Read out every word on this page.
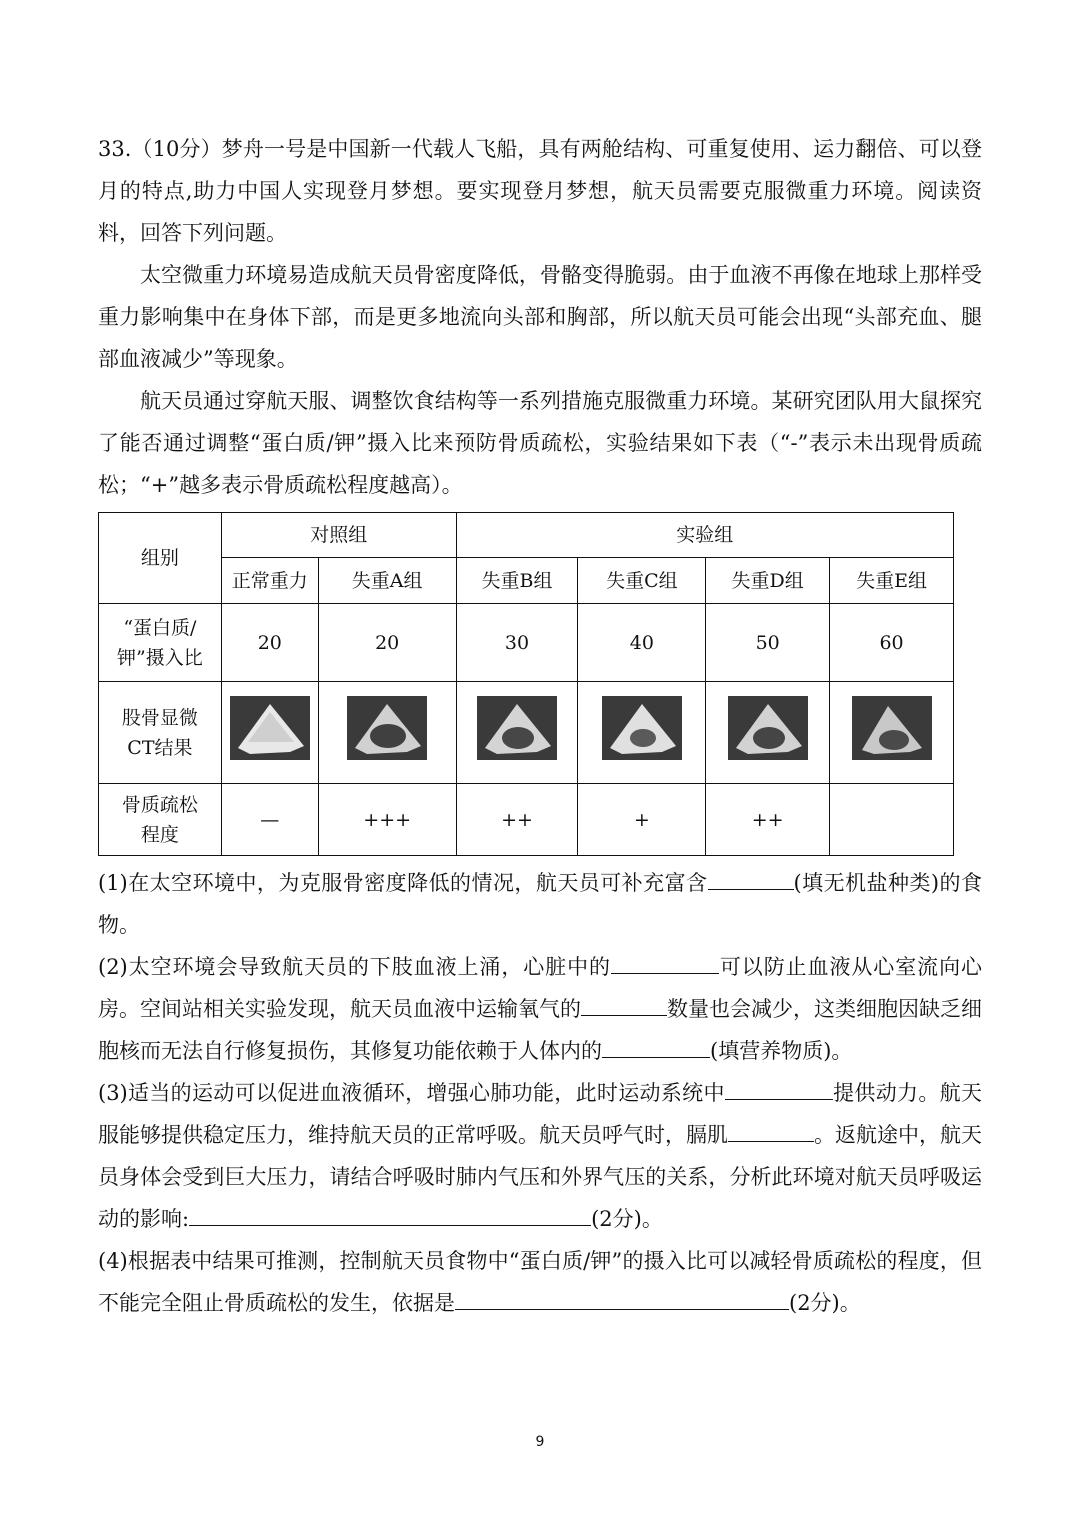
33.（10分）梦舟一号是中国新一代载人飞船，具有两舱结构、可重复使用、运力翻倍、可以登月的特点,助力中国人实现登月梦想。要实现登月梦想，航天员需要克服微重力环境。阅读资料，回答下列问题。

太空微重力环境易造成航天员骨密度降低，骨骼变得脆弱。由于血液不再像在地球上那样受重力影响集中在身体下部，而是更多地流向头部和胸部，所以航天员可能会出现“头部充血、腿部血液减少”等现象。

航天员通过穿航天服、调整饮食结构等一系列措施克服微重力环境。某研究团队用大鼠探究了能否通过调整“蛋白质/钾”摄入比来预防骨质疏松，实验结果如下表（“-”表示未出现骨质疏松；“+”越多表示骨质疏松程度越高）。

组别	对照组		实验组			
	正常重力	失重A组	失重B组	失重C组	失重D组	失重E组
“蛋白质/钾”摄入比	20	20	30	40	50	60
股骨显微CT结果	

骨质疏松程度	—	+++	++	+	++	

(1)在太空环境中，为克服骨密度降低的情况，航天员可补充富含	(填无机盐种类)的食物。

(2)太空环境会导致航天员的下肢血液上涌，心脏中的	可以防止血液从心室流向心房。空间站相关实验发现，航天员血液中运输氧气的	数量也会减少，这类细胞因缺乏细胞核而无法自行修复损伤，其修复功能依赖于人体内的	(填营养物质)。

(3)适当的运动可以促进血液循环，增强心肺功能，此时运动系统中	提供动力。航天服能够提供稳定压力，维持航天员的正常呼吸。航天员呼气时，膈肌	。返航途中，航天员身体会受到巨大压力，请结合呼吸时肺内气压和外界气压的关系，分析此环境对航天员呼吸运动的影响:	(2分)。

(4)根据表中结果可推测，控制航天员食物中“蛋白质/钾”的摄入比可以减轻骨质疏松的程度，但不能完全阻止骨质疏松的发生，依据是	(2分)。

9
